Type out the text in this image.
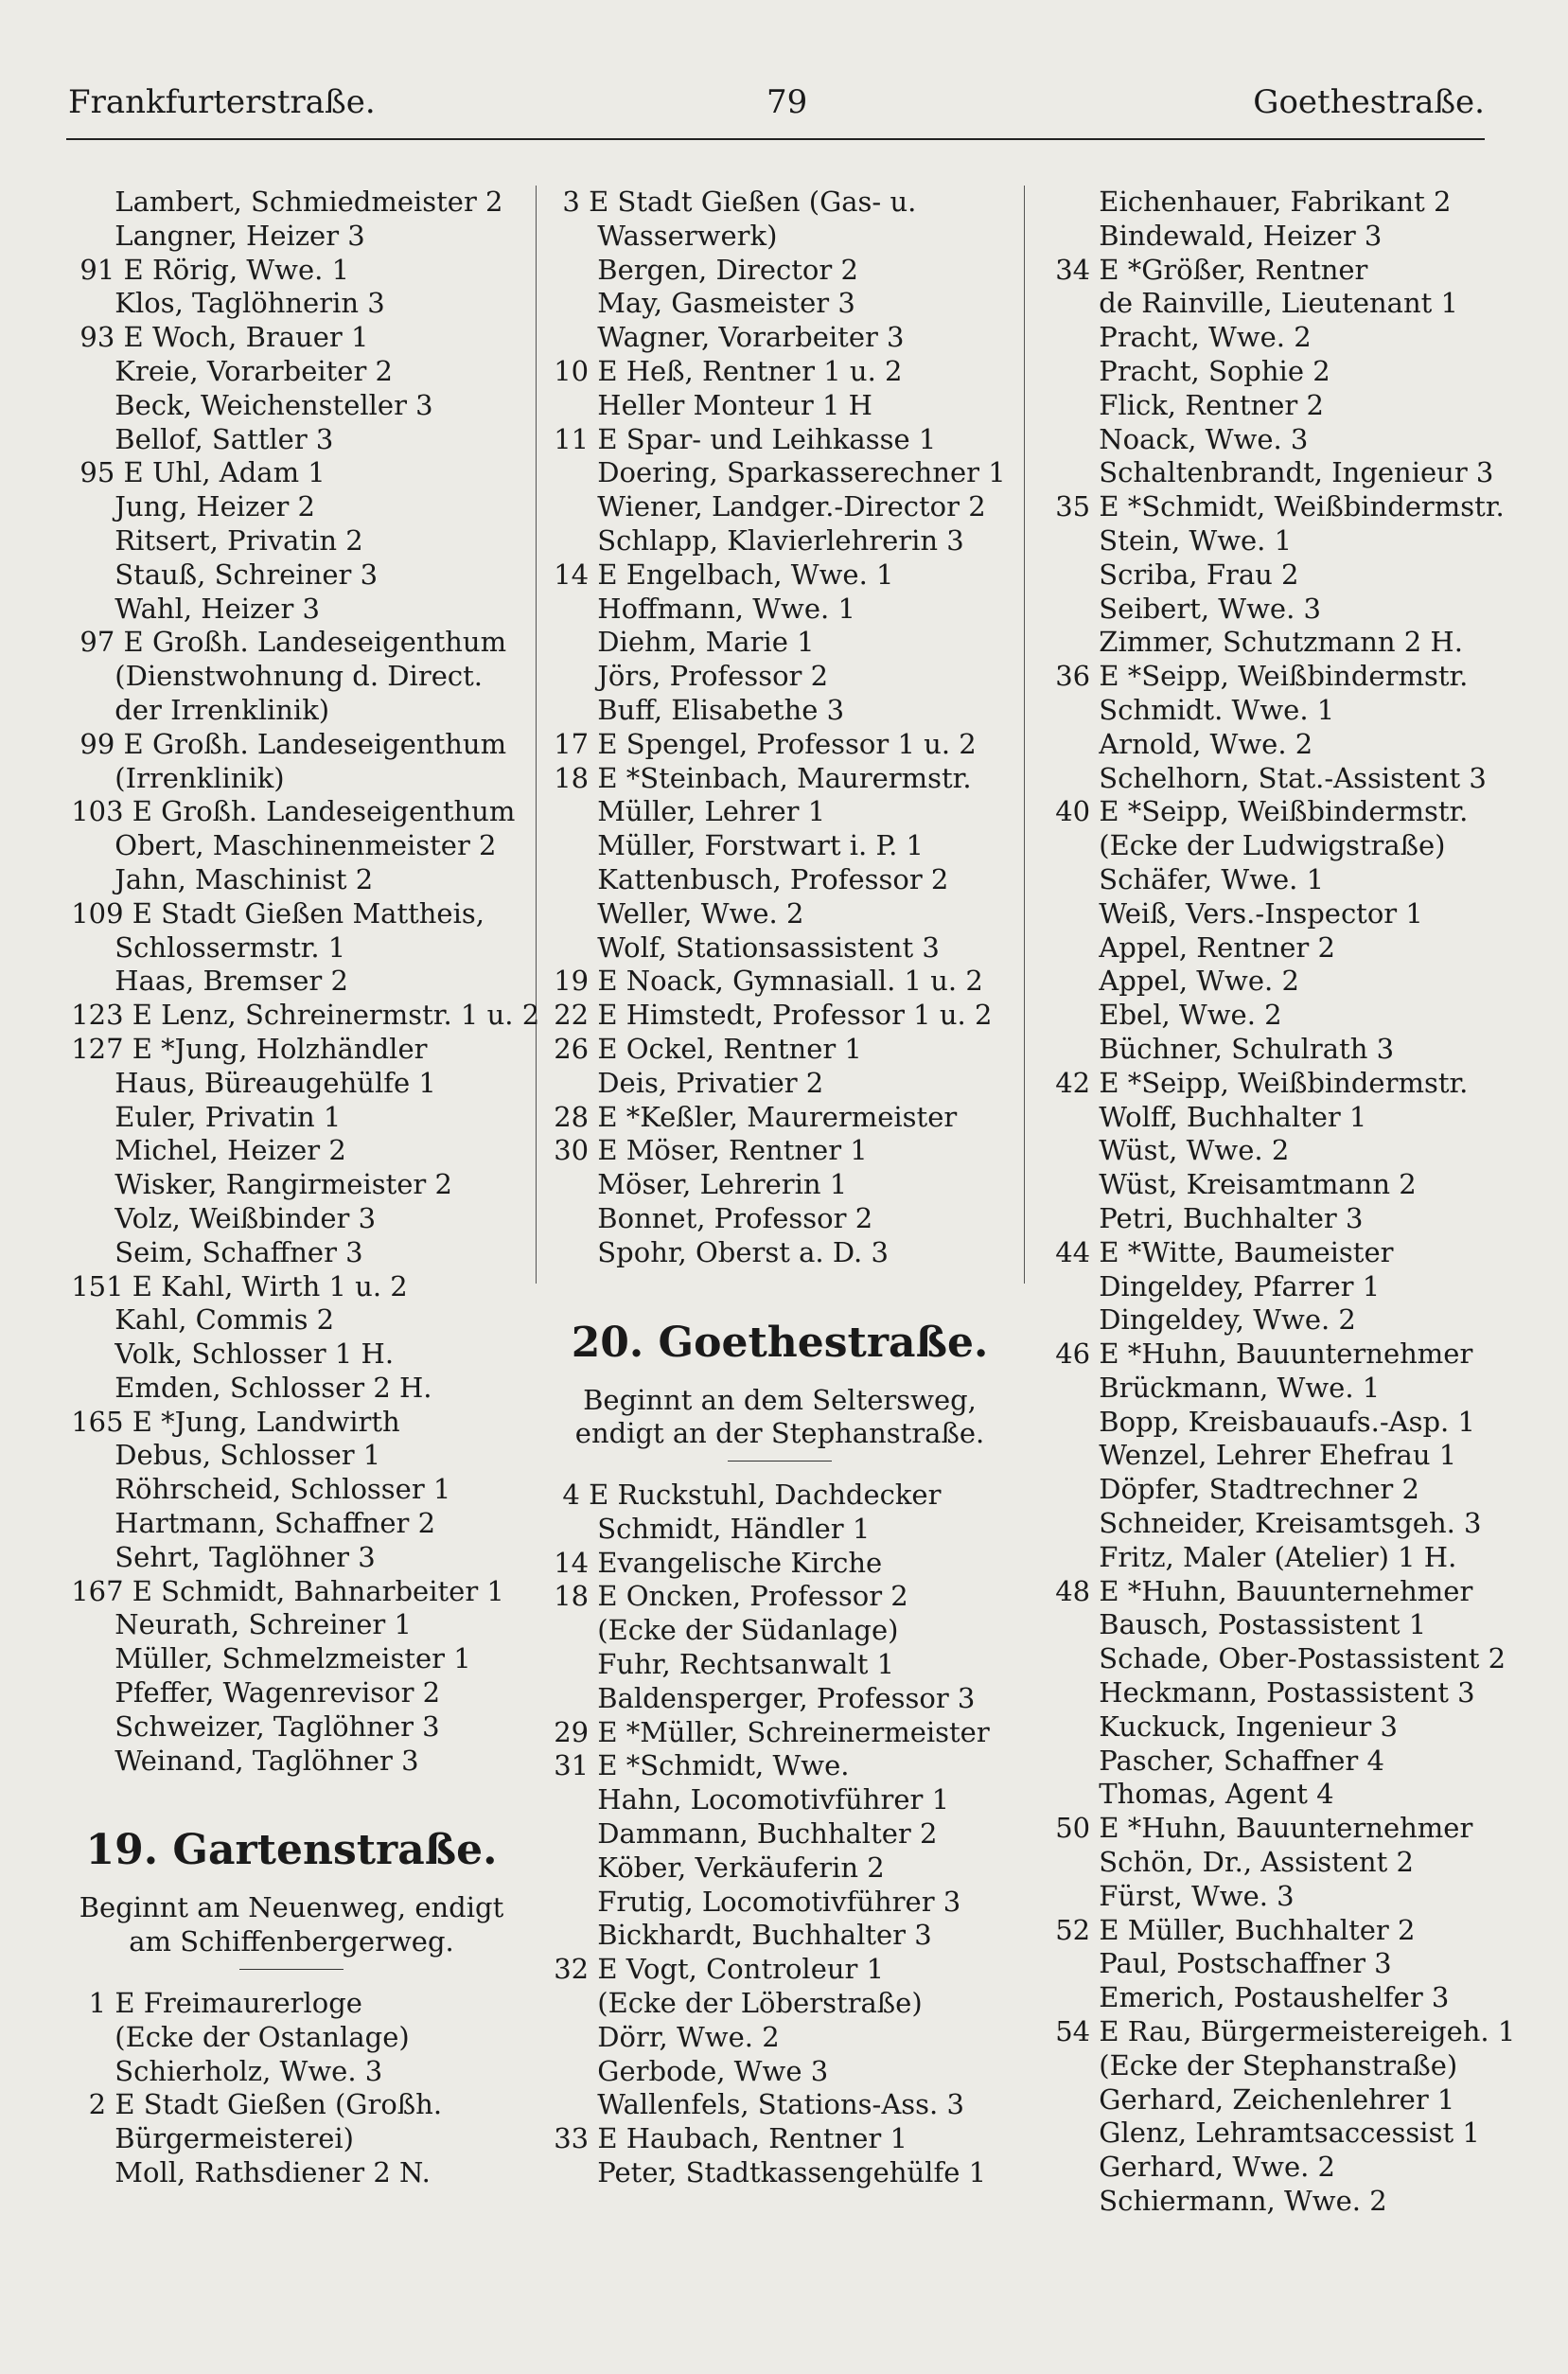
Frankfurterstraße.	79	Goethestraße.
Lambert, Schmiedmeister 2
Langner, Heizer 3
91 E Rörig, Wwe. 1
Klos, Taglöhnerin 3
93 E Woch, Brauer 1
Kreie, Vorarbeiter 2
Beck, Weichensteller 3
Bellof, Sattler 3
95 E Uhl, Adam 1
Jung, Heizer 2
Ritsert, Privatin 2
Stauß, Schreiner 3
Wahl, Heizer 3
97 E Großh. Landeseigenthum
(Dienstwohnung d. Direct.
der Irrenklinik)
99 E Großh. Landeseigenthum
(Irrenklinik)
103 E Großh. Landeseigenthum
Obert, Maschinenmeister 2
Jahn, Maschinist 2
109 E Stadt Gießen Mattheis,
Schlossermstr. 1
Haas, Bremser 2
123 E Lenz, Schreinermstr. 1 u. 2
127 E *Jung, Holzhändler
Haus, Büreaugehülfe 1
Euler, Privatin 1
Michel, Heizer 2
Wisker, Rangirmeister 2
Volz, Weißbinder 3
Seim, Schaffner 3
151 E Kahl, Wirth 1 u. 2
Kahl, Commis 2
Volk, Schlosser 1 H.
Emden, Schlosser 2 H.
165 E *Jung, Landwirth
Debus, Schlosser 1
Röhrscheid, Schlosser 1
Hartmann, Schaffner 2
Sehrt, Taglöhner 3
167 E Schmidt, Bahnarbeiter 1
Neurath, Schreiner 1
Müller, Schmelzmeister 1
Pfeffer, Wagenrevisor 2
Schweizer, Taglöhner 3
Weinand, Taglöhner 3
19. Gartenstraße.
Beginnt am Neuenweg, endigt
am Schiffenbergerweg.
1 E Freimaurerloge
(Ecke der Ostanlage)
Schierholz, Wwe. 3
2 E Stadt Gießen (Großh.
Bürgermeisterei)
Moll, Rathsdiener 2 N.
3 E Stadt Gießen (Gas- u.
Wasserwerk)
Bergen, Director 2
May, Gasmeister 3
Wagner, Vorarbeiter 3
10 E Heß, Rentner 1 u. 2
Heller Monteur 1 H
11 E Spar- und Leihkasse 1
Doering, Sparkasserechner 1
Wiener, Landger.-Director 2
Schlapp, Klavierlehrerin 3
14 E Engelbach, Wwe. 1
Hoffmann, Wwe. 1
Diehm, Marie 1
Jörs, Professor 2
Buff, Elisabethe 3
17 E Spengel, Professor 1 u. 2
18 E *Steinbach, Maurermstr.
Müller, Lehrer 1
Müller, Forstwart i. P. 1
Kattenbusch, Professor 2
Weller, Wwe. 2
Wolf, Stationsassistent 3
19 E Noack, Gymnasiall. 1 u. 2
22 E Himstedt, Professor 1 u. 2
26 E Ockel, Rentner 1
Deis, Privatier 2
28 E *Keßler, Maurermeister
30 E Möser, Rentner 1
Möser, Lehrerin 1
Bonnet, Professor 2
Spohr, Oberst a. D. 3
20. Goethestraße.
Beginnt an dem Seltersweg,
endigt an der Stephanstraße.
4 E Ruckstuhl, Dachdecker
Schmidt, Händler 1
14 Evangelische Kirche
18 E Oncken, Professor 2
(Ecke der Südanlage)
Fuhr, Rechtsanwalt 1
Baldensperger, Professor 3
29 E *Müller, Schreinermeister
31 E *Schmidt, Wwe.
Hahn, Locomotivführer 1
Dammann, Buchhalter 2
Köber, Verkäuferin 2
Frutig, Locomotivführer 3
Bickhardt, Buchhalter 3
32 E Vogt, Controleur 1
(Ecke der Löberstraße)
Dörr, Wwe. 2
Gerbode, Wwe 3
Wallenfels, Stations-Ass. 3
33 E Haubach, Rentner 1
Peter, Stadtkassengehülfe 1
Eichenhauer, Fabrikant 2
Bindewald, Heizer 3
34 E *Größer, Rentner
de Rainville, Lieutenant 1
Pracht, Wwe. 2
Pracht, Sophie 2
Flick, Rentner 2
Noack, Wwe. 3
Schaltenbrandt, Ingenieur 3
35 E *Schmidt, Weißbindermstr.
Stein, Wwe. 1
Scriba, Frau 2
Seibert, Wwe. 3
Zimmer, Schutzmann 2 H.
36 E *Seipp, Weißbindermstr.
Schmidt. Wwe. 1
Arnold, Wwe. 2
Schelhorn, Stat.-Assistent 3
40 E *Seipp, Weißbindermstr.
(Ecke der Ludwigstraße)
Schäfer, Wwe. 1
Weiß, Vers.-Inspector 1
Appel, Rentner 2
Appel, Wwe. 2
Ebel, Wwe. 2
Büchner, Schulrath 3
42 E *Seipp, Weißbindermstr.
Wolff, Buchhalter 1
Wüst, Wwe. 2
Wüst, Kreisamtmann 2
Petri, Buchhalter 3
44 E *Witte, Baumeister
Dingeldey, Pfarrer 1
Dingeldey, Wwe. 2
46 E *Huhn, Bauunternehmer
Brückmann, Wwe. 1
Bopp, Kreisbauaufs.-Asp. 1
Wenzel, Lehrer Ehefrau 1
Döpfer, Stadtrechner 2
Schneider, Kreisamtsgeh. 3
Fritz, Maler (Atelier) 1 H.
48 E *Huhn, Bauunternehmer
Bausch, Postassistent 1
Schade, Ober-Postassistent 2
Heckmann, Postassistent 3
Kuckuck, Ingenieur 3
Pascher, Schaffner 4
Thomas, Agent 4
50 E *Huhn, Bauunternehmer
Schön, Dr., Assistent 2
Fürst, Wwe. 3
52 E Müller, Buchhalter 2
Paul, Postschaffner 3
Emerich, Postaushelfer 3
54 E Rau, Bürgermeistereigeh. 1
(Ecke der Stephanstraße)
Gerhard, Zeichenlehrer 1
Glenz, Lehramtsaccessist 1
Gerhard, Wwe. 2
Schiermann, Wwe. 2
